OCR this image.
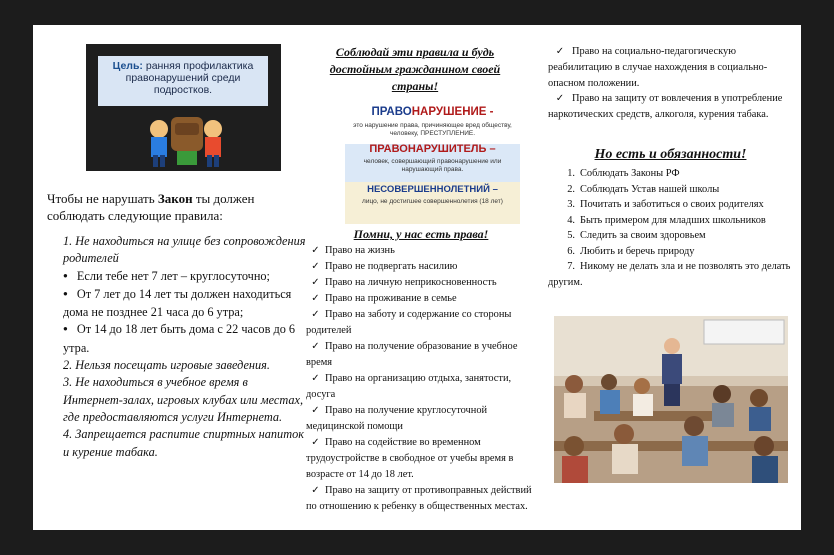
Цель: ранняя профилактика
правонарушений среди
подростков.
Чтобы не нарушать Закон ты должен соблюдать следующие правила:

1. Не находиться на улице без сопровождения родителей

● Если тебе нет 7 лет – круглосуточно;

● От 7 лет до 14 лет ты должен находиться дома не позднее 21 часа до 6 утра;

● От 14 до 18 лет быть дома с 22 часов до 6 утра.

2. Нельзя посещать игровые заведения.

3. Не находиться в учебное время в Интернет-залах, игровых клубах или местах, где предоставляются услуги Интернета.

4. Запрещается распитие спиртных напиток и курение табака.

Соблюдай эти правила и будь достойным гражданином своей страны!
ПРАВОНАРУШЕНИЕ -
это нарушение права, причиняющее вред обществу, человеку, ПРЕСТУПЛЕНИЕ.
ПРАВОНАРУШИТЕЛЬ –
человек, совершающий правонарушение или нарушающий права.
НЕСОВЕРШЕННОЛЕТНИЙ –
лицо, не достигшее совершеннолетия (18 лет)
Помни, у нас есть права!
✓ Право на жизнь
✓ Право не подвергать насилию
✓ Право на личную неприкосновенность
✓ Право на проживание в семье
✓ Право на заботу и содержание со стороны родителей
✓ Право на получение образование в учебное время
✓ Право на организацию отдыха, занятости, досуга
✓ Право на получение круглосуточной медицинской помощи
✓ Право на содействие во временном трудоустройстве в свободное от учебы время в возрасте от 14 до 18 лет.
✓ Право на защиту от противоправных действий по отношению к ребенку в общественных местах.
✓ Право на социально-педагогическую реабилитацию в случае нахождения в социально-опасном положении.
✓ Право на защиту от вовлечения в употребление наркотических средств, алкоголя, курения табака.
Но есть и обязанности!
1. Соблюдать Законы РФ
2. Соблюдать Устав нашей школы
3. Почитать и заботиться о своих родителях
4. Быть примером для младших школьников
5. Следить за своим здоровьем
6. Любить и беречь природу
7. Никому не делать зла и не позволять это делать другим.
